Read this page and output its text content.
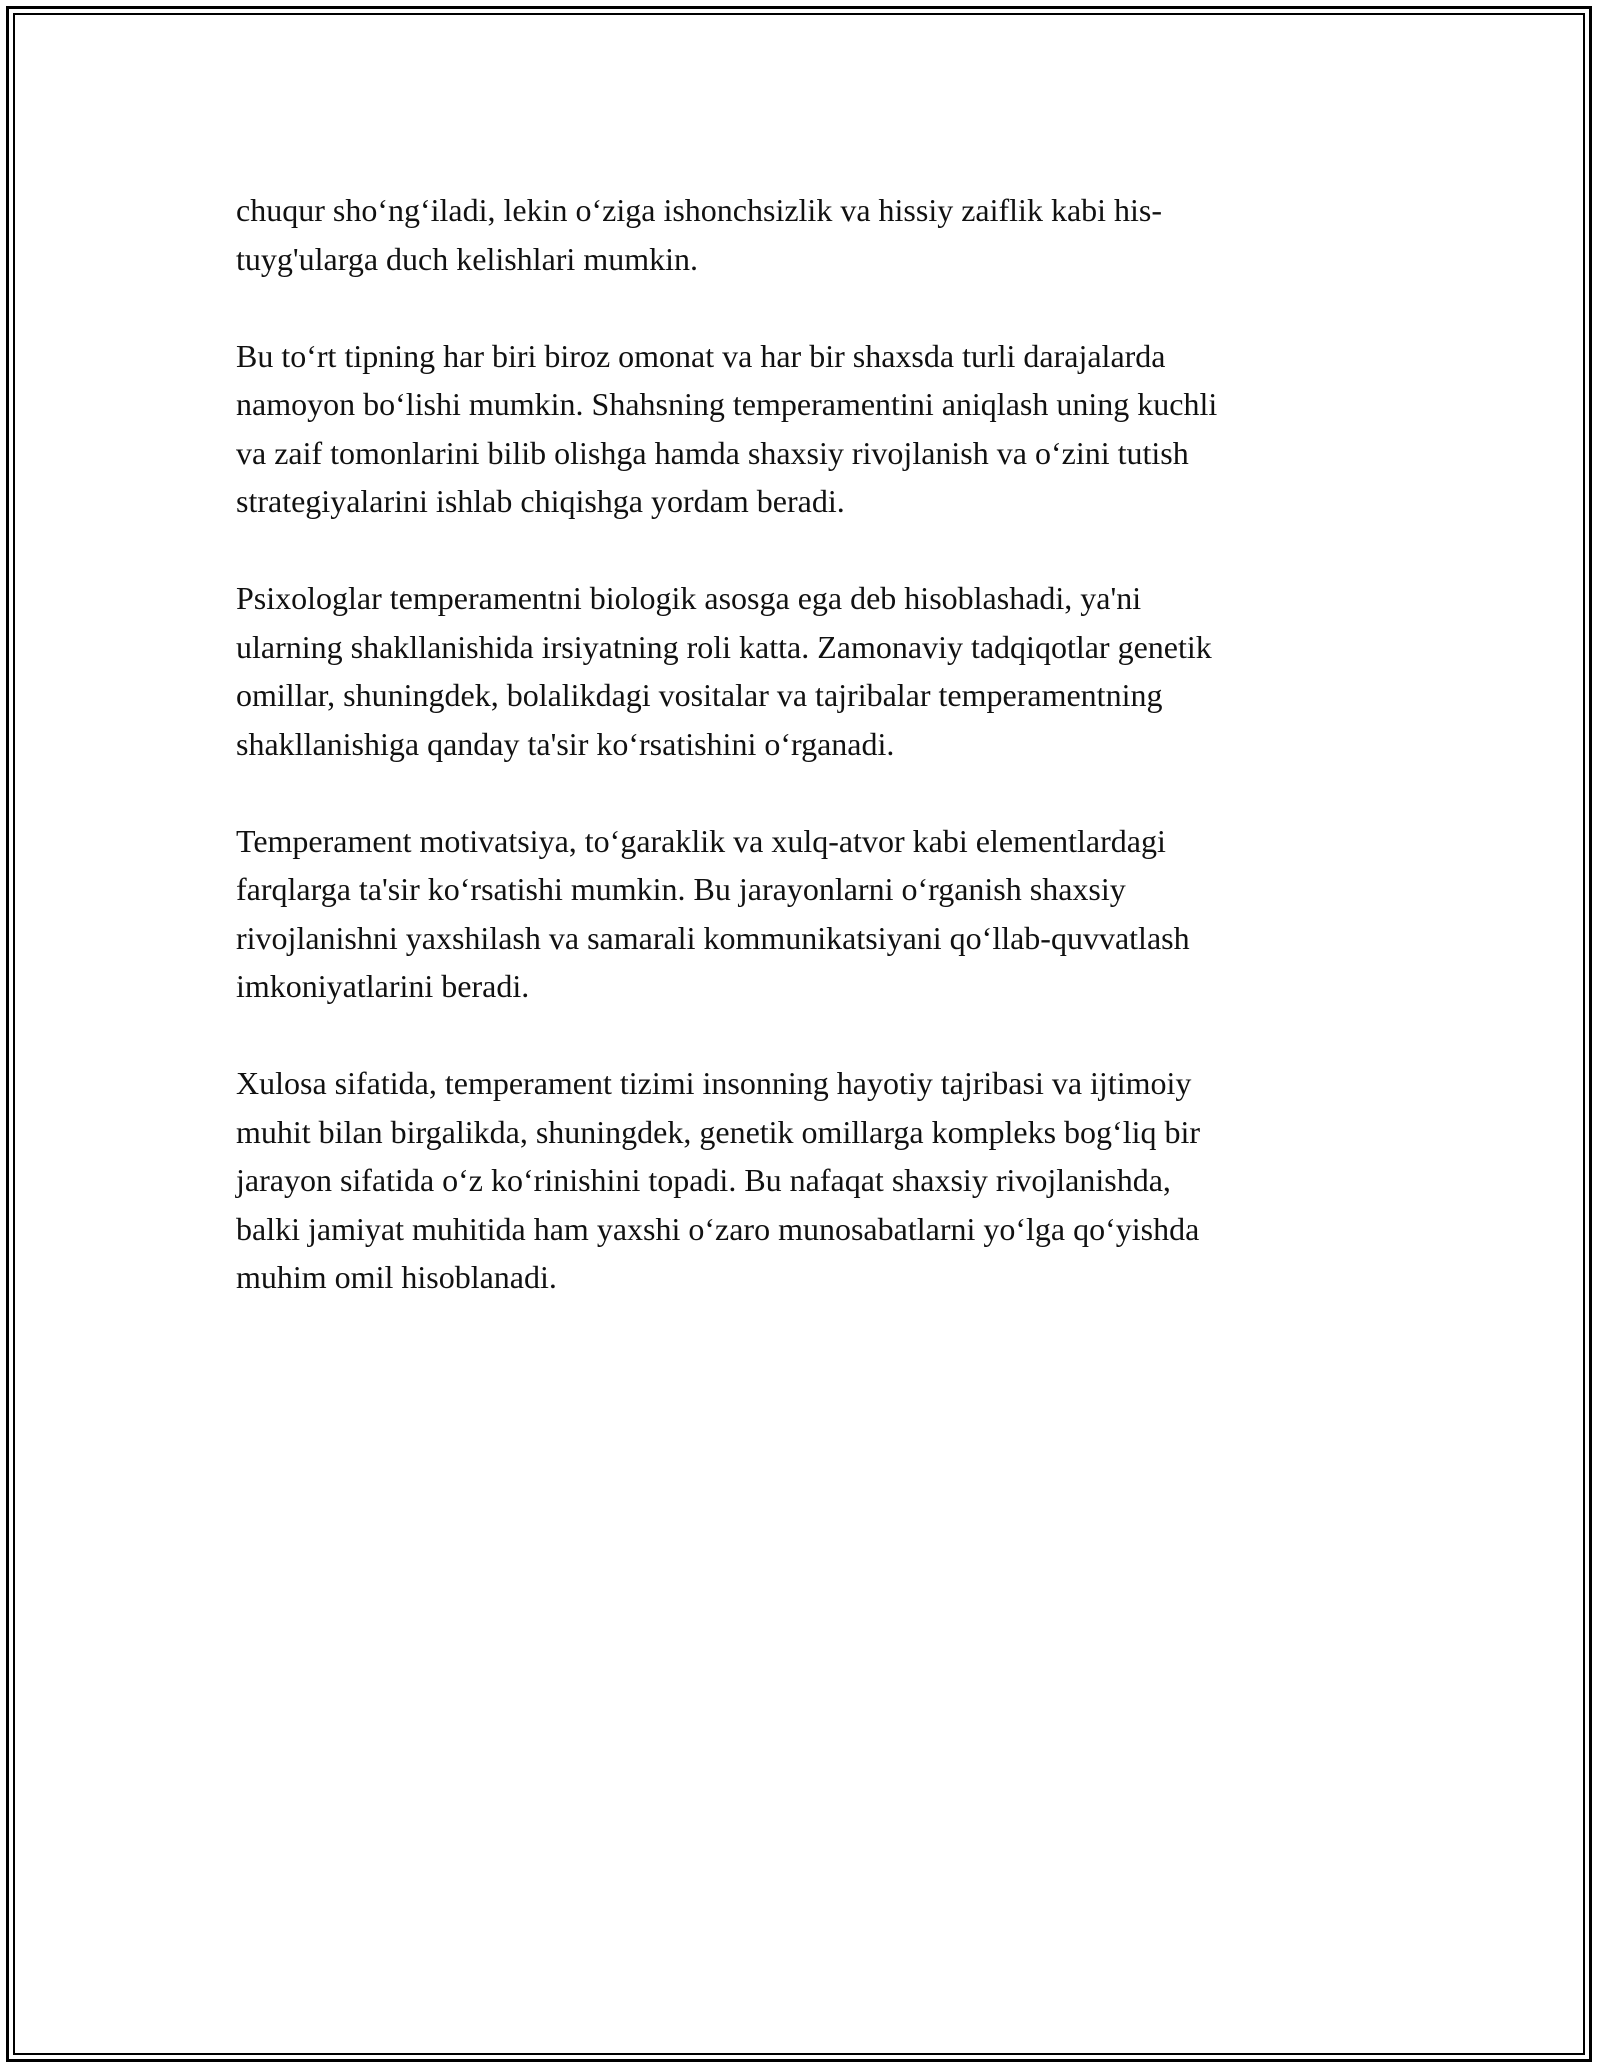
chuqur sho‘ng‘iladi, lekin o‘ziga ishonchsizlik va hissiy zaiflik kabi his-
tuyg'ularga duch kelishlari mumkin.

Bu to‘rt tipning har biri biroz omonat va har bir shaxsda turli darajalarda
namoyon bo‘lishi mumkin. Shahsning temperamentini aniqlash uning kuchli
va zaif tomonlarini bilib olishga hamda shaxsiy rivojlanish va o‘zini tutish
strategiyalarini ishlab chiqishga yordam beradi.

Psixologlar temperamentni biologik asosga ega deb hisoblashadi, ya'ni
ularning shakllanishida irsiyatning roli katta. Zamonaviy tadqiqotlar genetik
omillar, shuningdek, bolalikdagi vositalar va tajribalar temperamentning
shakllanishiga qanday ta'sir ko‘rsatishini o‘rganadi.

Temperament motivatsiya, to‘garaklik va xulq-atvor kabi elementlardagi
farqlarga ta'sir ko‘rsatishi mumkin. Bu jarayonlarni o‘rganish shaxsiy
rivojlanishni yaxshilash va samarali kommunikatsiyani qo‘llab-quvvatlash
imkoniyatlarini beradi.

Xulosa sifatida, temperament tizimi insonning hayotiy tajribasi va ijtimoiy
muhit bilan birgalikda, shuningdek, genetik omillarga kompleks bog‘liq bir
jarayon sifatida o‘z ko‘rinishini topadi. Bu nafaqat shaxsiy rivojlanishda,
balki jamiyat muhitida ham yaxshi o‘zaro munosabatlarni yo‘lga qo‘yishda
muhim omil hisoblanadi.
